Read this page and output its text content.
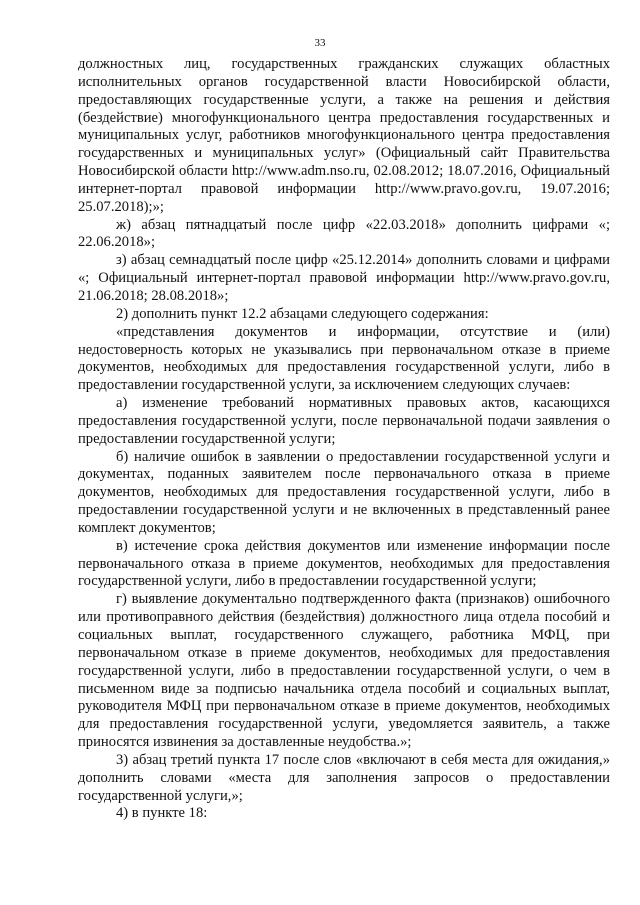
33

должностных лиц, государственных гражданских служащих областных исполнительных органов государственной власти Новосибирской области, предоставляющих государственные услуги, а также на решения и действия (бездействие) многофункционального центра предоставления государственных и муниципальных услуг, работников многофункционального центра предоставления государственных и муниципальных услуг» (Официальный сайт Правительства Новосибирской области http://www.adm.nso.ru, 02.08.2012; 18.07.2016, Официальный интернет-портал правовой информации http://www.pravo.gov.ru, 19.07.2016; 25.07.2018);»;

ж) абзац пятнадцатый после цифр «22.03.2018» дополнить цифрами «; 22.06.2018»;

з) абзац семнадцатый после цифр «25.12.2014» дополнить словами и цифрами «; Официальный интернет-портал правовой информации http://www.pravo.gov.ru, 21.06.2018; 28.08.2018»;

2) дополнить пункт 12.2 абзацами следующего содержания:

«представления документов и информации, отсутствие и (или) недостоверность которых не указывались при первоначальном отказе в приеме документов, необходимых для предоставления государственной услуги, либо в предоставлении государственной услуги, за исключением следующих случаев:

а) изменение требований нормативных правовых актов, касающихся предоставления государственной услуги, после первоначальной подачи заявления о предоставлении государственной услуги;

б) наличие ошибок в заявлении о предоставлении государственной услуги и документах, поданных заявителем после первоначального отказа в приеме документов, необходимых для предоставления государственной услуги, либо в предоставлении государственной услуги и не включенных в представленный ранее комплект документов;

в) истечение срока действия документов или изменение информации после первоначального отказа в приеме документов, необходимых для предоставления государственной услуги, либо в предоставлении государственной услуги;

г) выявление документально подтвержденного факта (признаков) ошибочного или противоправного действия (бездействия) должностного лица отдела пособий и социальных выплат, государственного служащего, работника МФЦ, при первоначальном отказе в приеме документов, необходимых для предоставления государственной услуги, либо в предоставлении государственной услуги, о чем в письменном виде за подписью начальника отдела пособий и социальных выплат, руководителя МФЦ при первоначальном отказе в приеме документов, необходимых для предоставления государственной услуги, уведомляется заявитель, а также приносятся извинения за доставленные неудобства.»;

3) абзац третий пункта 17 после слов «включают в себя места для ожидания,» дополнить словами «места для заполнения запросов о предоставлении государственной услуги,»;

4) в пункте 18:
